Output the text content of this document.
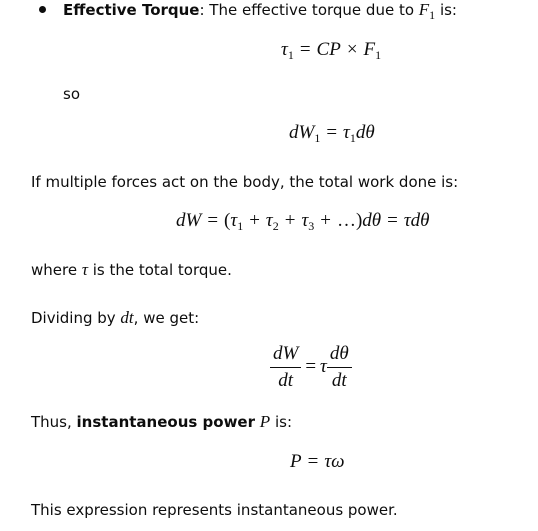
Effective Torque: The effective torque due to $F_1$ is:
$\tau_1$ = CP × $F_1$
so
$dW_1 = \tau_1d\theta$
If multiple forces act on the body, the total work done is:
dW = ($\tau_1 + \tau_2 + \tau_3$ + …)dθ = τdθ
where τ is the total torque.
Dividing by dt, we get:
$\frac{dW}{dt} = \tau \frac{d\theta}{dt}$
Thus, instantaneous power P is:
P = τω
This expression represents instantaneous power.
